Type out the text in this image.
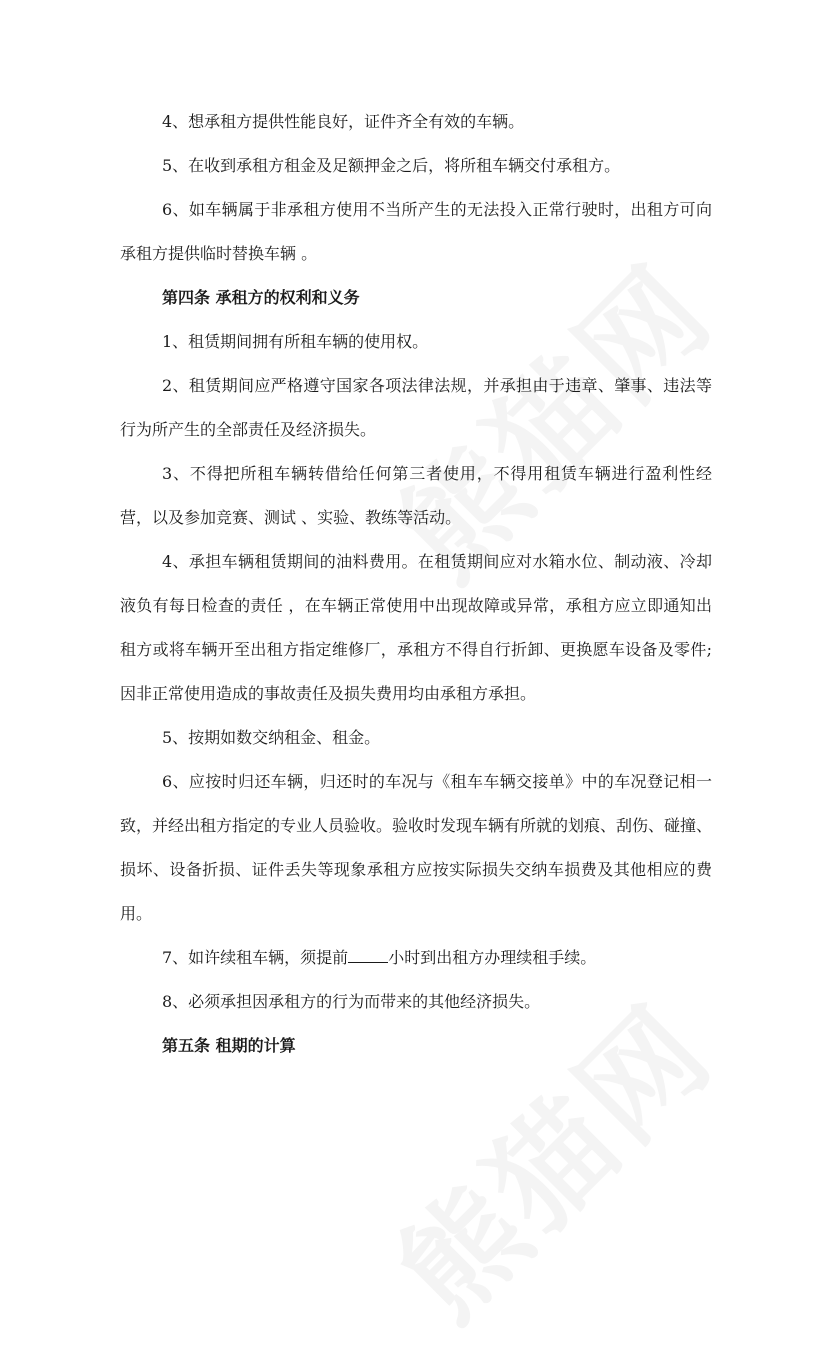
4、想承租方提供性能良好，证件齐全有效的车辆。

5、在收到承租方租金及足额押金之后，将所租车辆交付承租方。

6、如车辆属于非承租方使用不当所产生的无法投入正常行驶时，出租方可向承租方提供临时替换车辆 。

第四条 承租方的权利和义务

1、租赁期间拥有所租车辆的使用权。

2、租赁期间应严格遵守国家各项法律法规，并承担由于违章、肇事、违法等行为所产生的全部责任及经济损失。

3、不得把所租车辆转借给任何第三者使用，不得用租赁车辆进行盈利性经营，以及参加竞赛、测试 、实验、教练等活动。

4、承担车辆租赁期间的油料费用。在租赁期间应对水箱水位、制动液、冷却液负有每日检查的责任 ，在车辆正常使用中出现故障或异常，承租方应立即通知出租方或将车辆开至出租方指定维修厂，承租方不得自行折卸、更换愿车设备及零件;因非正常使用造成的事故责任及损失费用均由承租方承担。

5、按期如数交纳租金、租金。

6、应按时归还车辆，归还时的车况与《租车车辆交接单》中的车况登记相一致，并经出租方指定的专业人员验收。验收时发现车辆有所就的划痕、刮伤、碰撞、损坏、设备折损、证件丢失等现象承租方应按实际损失交纳车损费及其他相应的费用。

7、如许续租车辆，须提前	小时到出租方办理续租手续。

8、必须承担因承租方的行为而带来的其他经济损失。

第五条 租期的计算
